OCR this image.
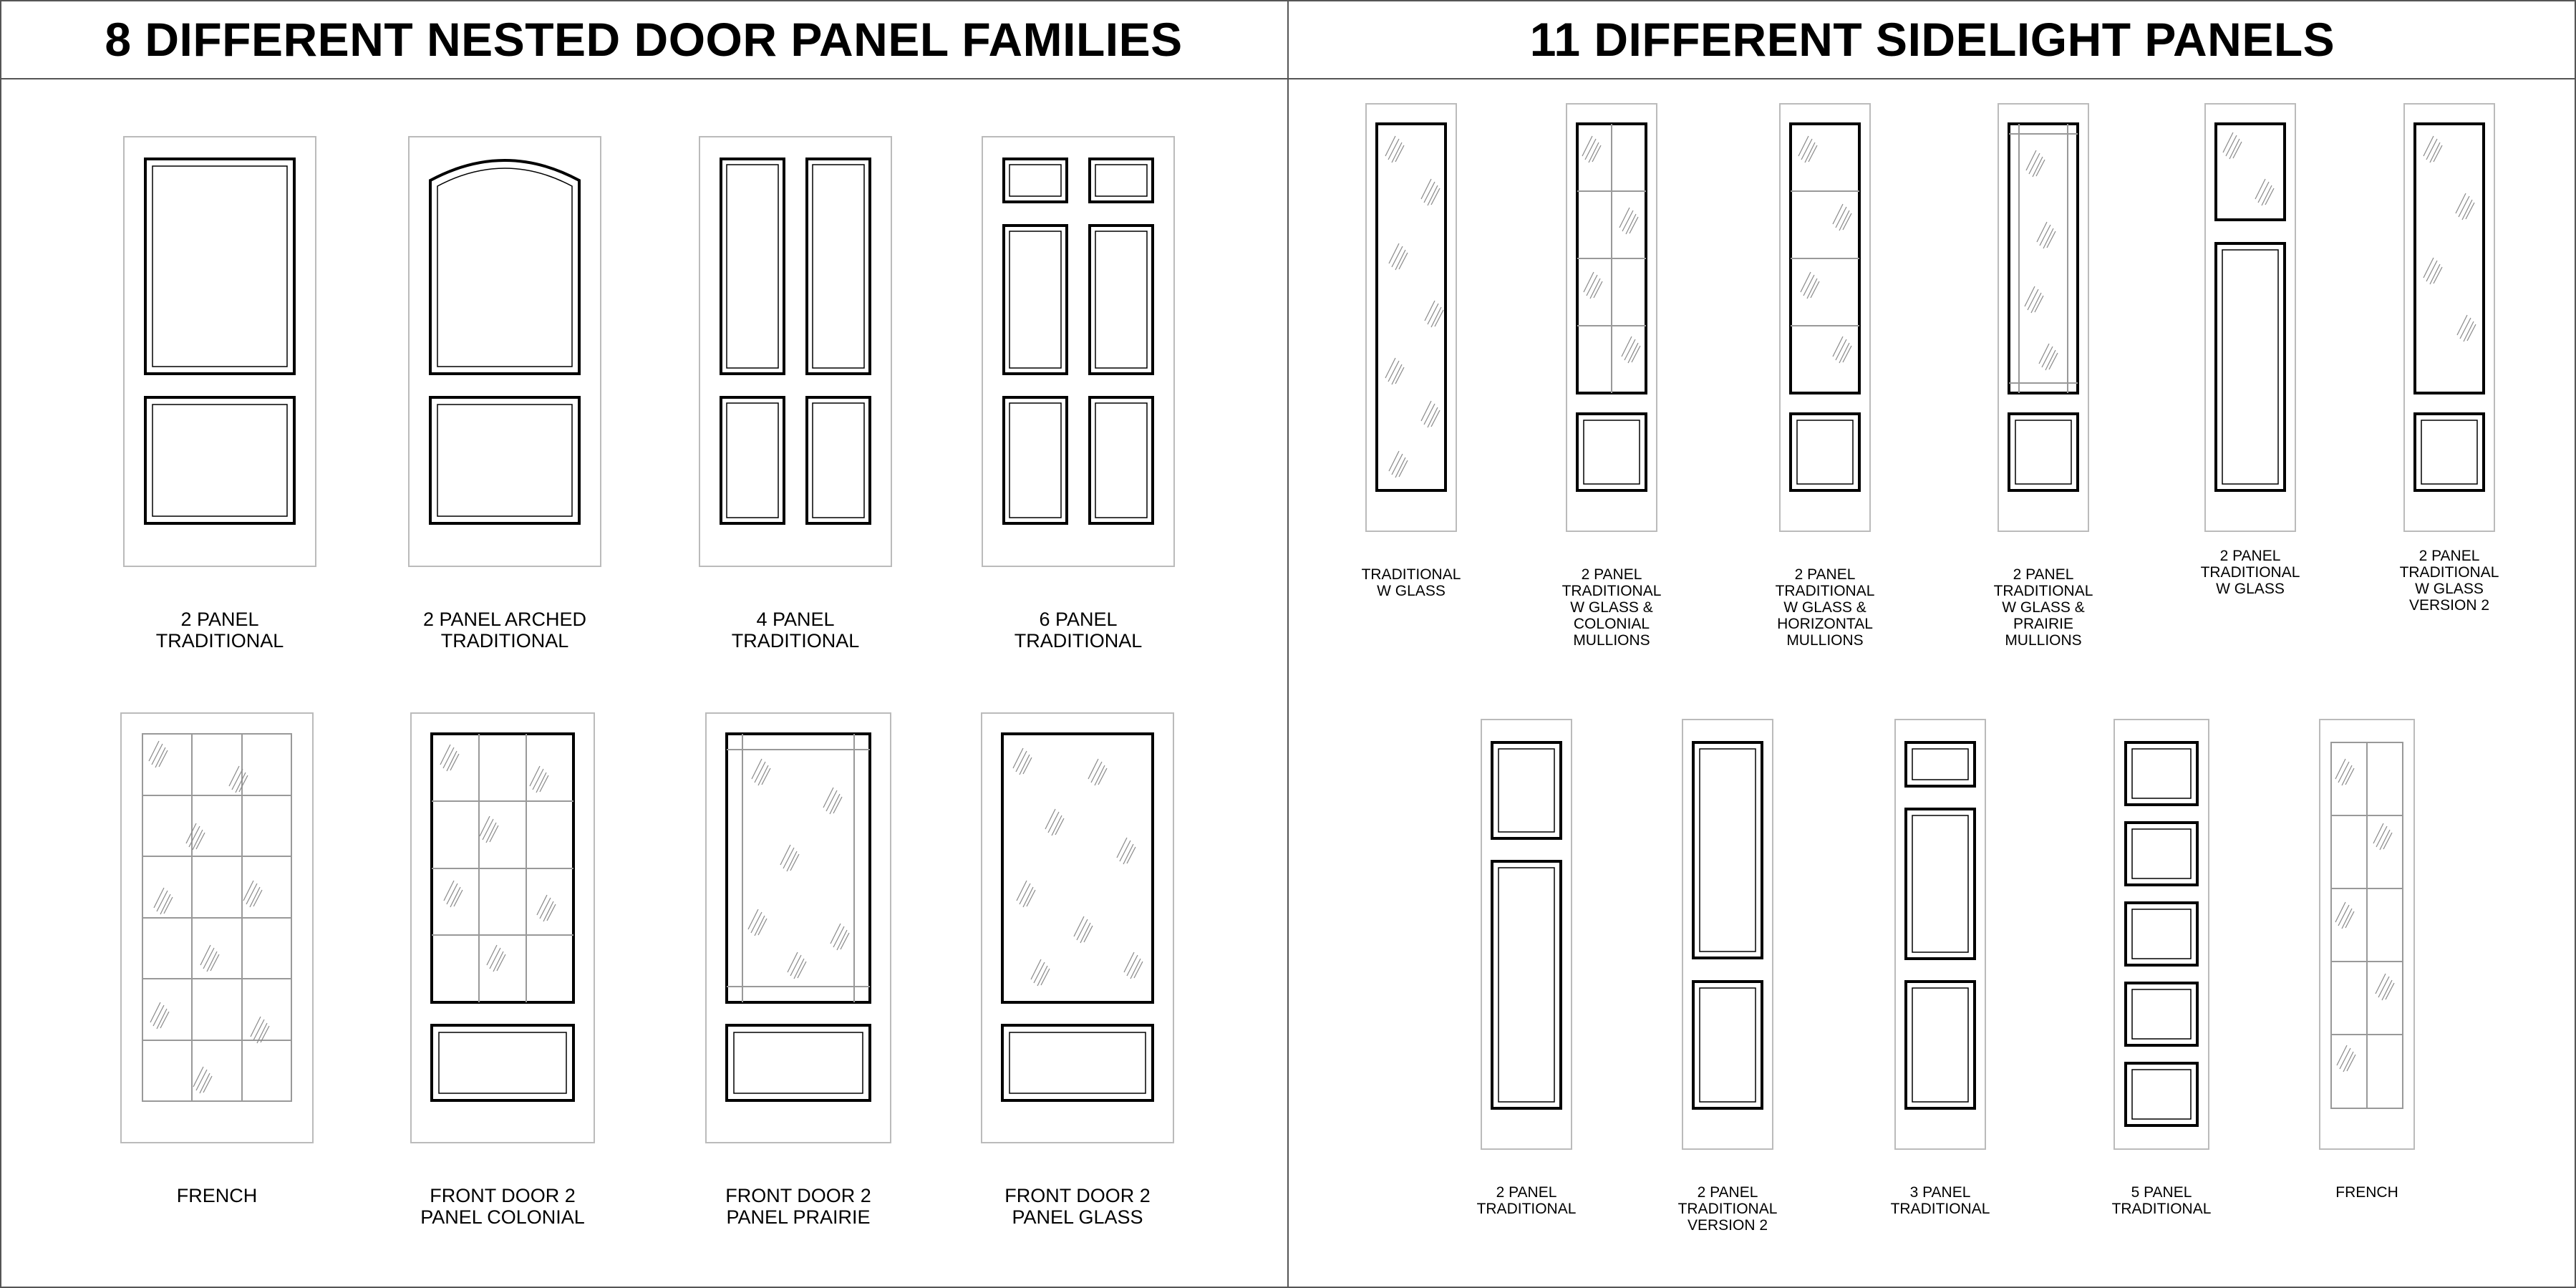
8 DIFFERENT NESTED DOOR PANEL FAMILIES	11 DIFFERENT SIDELIGHT PANELS
2 PANEL
TRADITIONAL
2 PANEL ARCHED
TRADITIONAL
4 PANEL
TRADITIONAL
6 PANEL
TRADITIONAL
FRENCH	FRONT DOOR 2
PANEL COLONIAL
FRONT DOOR 2
PANEL PRAIRIE
FRONT DOOR 2
PANEL GLASS
TRADITIONAL
W GLASS
2 PANEL
TRADITIONAL
W GLASS &
COLONIAL
MULLIONS
2 PANEL
TRADITIONAL
W GLASS &
HORIZONTAL
MULLIONS
2 PANEL
TRADITIONAL
W GLASS &
PRAIRIE
MULLIONS
2 PANEL
TRADITIONAL
W GLASS
2 PANEL
TRADITIONAL
W GLASS
VERSION 2
2 PANEL
TRADITIONAL
2 PANEL
TRADITIONAL
VERSION 2
3 PANEL
TRADITIONAL
5 PANEL
TRADITIONAL
FRENCH
